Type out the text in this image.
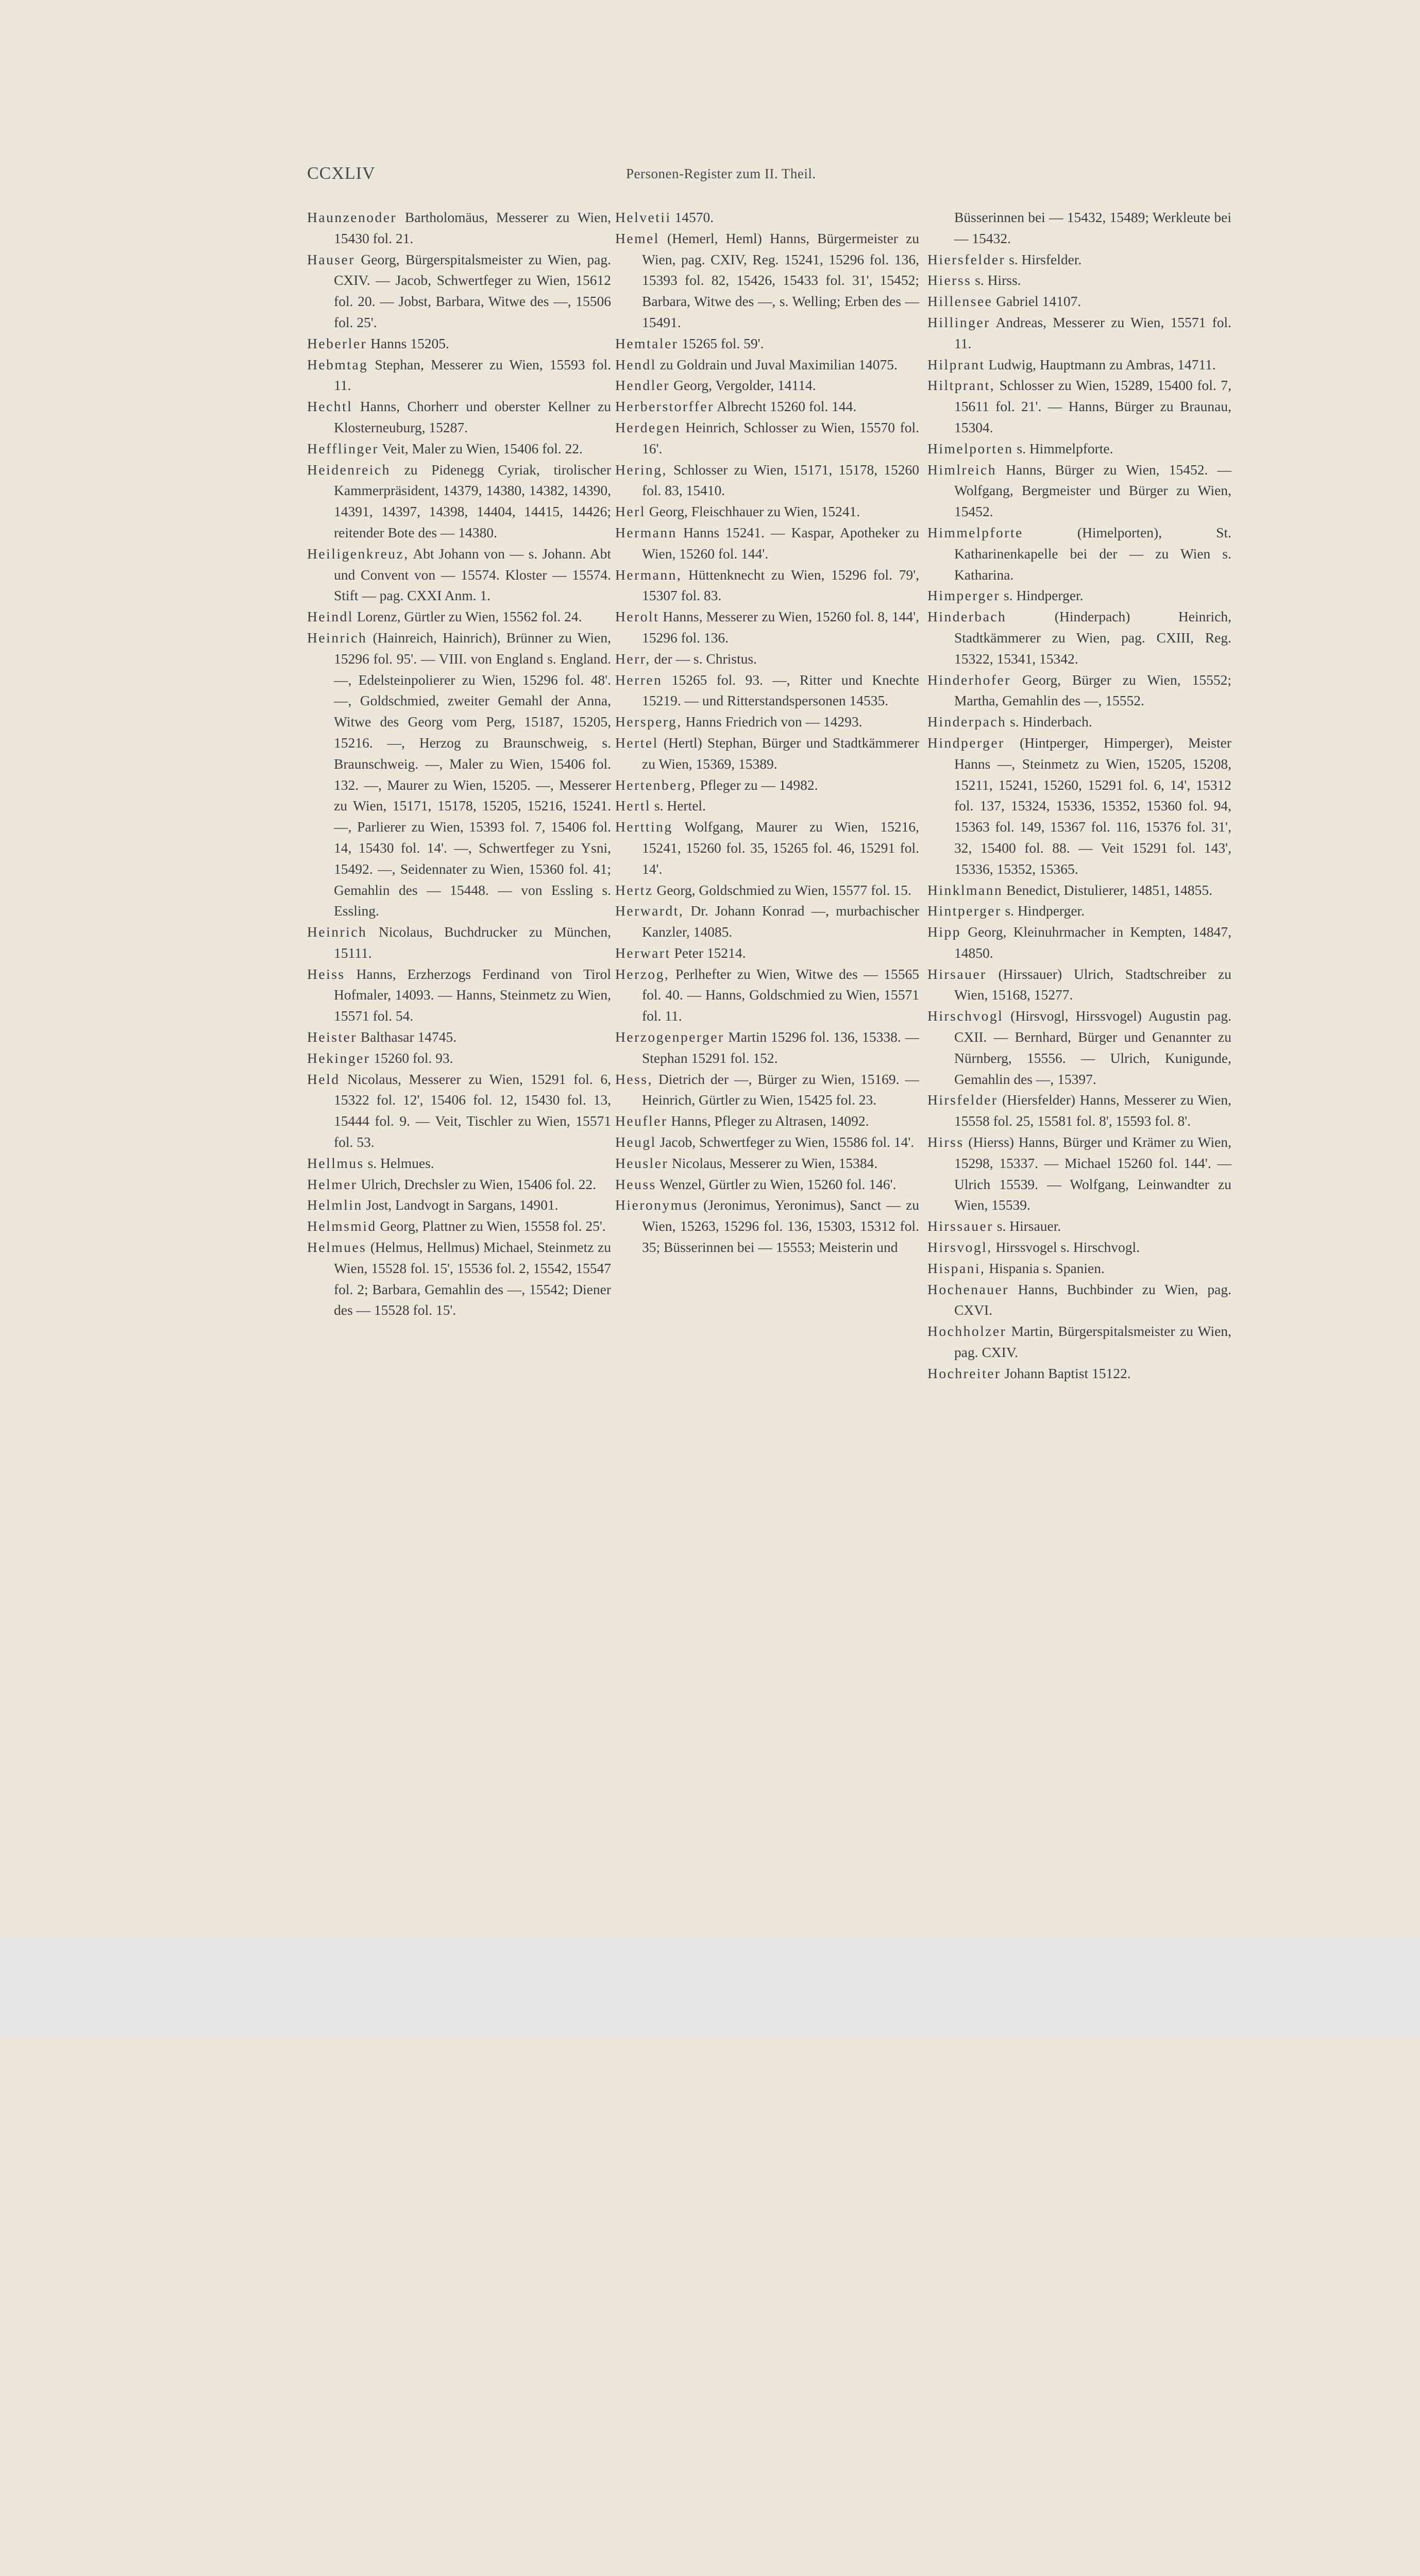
CCXLIV	Personen-Register zum II. Theil.

Haunzenoder Bartholomäus, Messerer zu Wien, 15430 fol. 21.

Hauser Georg, Bürgerspitalsmeister zu Wien, pag. CXIV. — Jacob, Schwertfeger zu Wien, 15612 fol. 20. — Jobst, Barbara, Witwe des —, 15506 fol. 25'.

Heberler Hanns 15205.

Hebmtag Stephan, Messerer zu Wien, 15593 fol. 11.

Hechtl Hanns, Chorherr und oberster Kellner zu Klosterneuburg, 15287.

Hefflinger Veit, Maler zu Wien, 15406 fol. 22.

Heidenreich zu Pidenegg Cyriak, tirolischer Kammerpräsident, 14379, 14380, 14382, 14390, 14391, 14397, 14398, 14404, 14415, 14426; reitender Bote des — 14380.

Heiligenkreuz, Abt Johann von — s. Johann. Abt und Convent von — 15574. Kloster — 15574. Stift — pag. CXXI Anm. 1.

Heindl Lorenz, Gürtler zu Wien, 15562 fol. 24.

Heinrich (Hainreich, Hainrich), Brünner zu Wien, 15296 fol. 95'. — VIII. von England s. England. —, Edelsteinpolierer zu Wien, 15296 fol. 48'. —, Goldschmied, zweiter Gemahl der Anna, Witwe des Georg vom Perg, 15187, 15205, 15216. —, Herzog zu Braunschweig, s. Braunschweig. —, Maler zu Wien, 15406 fol. 132. —, Maurer zu Wien, 15205. —, Messerer zu Wien, 15171, 15178, 15205, 15216, 15241. —, Parlierer zu Wien, 15393 fol. 7, 15406 fol. 14, 15430 fol. 14'. —, Schwertfeger zu Ysni, 15492. —, Seidennater zu Wien, 15360 fol. 41; Gemahlin des — 15448. — von Essling s. Essling.

Heinrich Nicolaus, Buchdrucker zu München, 15111.

Heiss Hanns, Erzherzogs Ferdinand von Tirol Hofmaler, 14093. — Hanns, Steinmetz zu Wien, 15571 fol. 54.

Heister Balthasar 14745.

Hekinger 15260 fol. 93.

Held Nicolaus, Messerer zu Wien, 15291 fol. 6, 15322 fol. 12', 15406 fol. 12, 15430 fol. 13, 15444 fol. 9. — Veit, Tischler zu Wien, 15571 fol. 53.

Hellmus s. Helmues.

Helmer Ulrich, Drechsler zu Wien, 15406 fol. 22.

Helmlin Jost, Landvogt in Sargans, 14901.

Helmsmid Georg, Plattner zu Wien, 15558 fol. 25'.

Helmues (Helmus, Hellmus) Michael, Steinmetz zu Wien, 15528 fol. 15', 15536 fol. 2, 15542, 15547 fol. 2; Barbara, Gemahlin des —, 15542; Diener des — 15528 fol. 15'.

Helvetii 14570.

Hemel (Hemerl, Heml) Hanns, Bürgermeister zu Wien, pag. CXIV, Reg. 15241, 15296 fol. 136, 15393 fol. 82, 15426, 15433 fol. 31', 15452; Barbara, Witwe des —, s. Welling; Erben des — 15491.

Hemtaler 15265 fol. 59'.

Hendl zu Goldrain und Juval Maximilian 14075.

Hendler Georg, Vergolder, 14114.

Herberstorffer Albrecht 15260 fol. 144.

Herdegen Heinrich, Schlosser zu Wien, 15570 fol. 16'.

Hering, Schlosser zu Wien, 15171, 15178, 15260 fol. 83, 15410.

Herl Georg, Fleischhauer zu Wien, 15241.

Hermann Hanns 15241. — Kaspar, Apotheker zu Wien, 15260 fol. 144'.

Hermann, Hüttenknecht zu Wien, 15296 fol. 79', 15307 fol. 83.

Herolt Hanns, Messerer zu Wien, 15260 fol. 8, 144', 15296 fol. 136.

Herr, der — s. Christus.

Herren 15265 fol. 93. —, Ritter und Knechte 15219. — und Ritterstandspersonen 14535.

Hersperg, Hanns Friedrich von — 14293.

Hertel (Hertl) Stephan, Bürger und Stadtkämmerer zu Wien, 15369, 15389.

Hertenberg, Pfleger zu — 14982.

Hertl s. Hertel.

Hertting Wolfgang, Maurer zu Wien, 15216, 15241, 15260 fol. 35, 15265 fol. 46, 15291 fol. 14'.

Hertz Georg, Goldschmied zu Wien, 15577 fol. 15.

Herwardt, Dr. Johann Konrad —, murbachischer Kanzler, 14085.

Herwart Peter 15214.

Herzog, Perlhefter zu Wien, Witwe des — 15565 fol. 40. — Hanns, Goldschmied zu Wien, 15571 fol. 11.

Herzogenperger Martin 15296 fol. 136, 15338. — Stephan 15291 fol. 152.

Hess, Dietrich der —, Bürger zu Wien, 15169. — Heinrich, Gürtler zu Wien, 15425 fol. 23.

Heufler Hanns, Pfleger zu Altrasen, 14092.

Heugl Jacob, Schwertfeger zu Wien, 15586 fol. 14'.

Heusler Nicolaus, Messerer zu Wien, 15384.

Heuss Wenzel, Gürtler zu Wien, 15260 fol. 146'.

Hieronymus (Jeronimus, Yeronimus), Sanct — zu Wien, 15263, 15296 fol. 136, 15303, 15312 fol. 35; Büsserinnen bei — 15553; Meisterin und

Büsserinnen bei — 15432, 15489; Werkleute bei — 15432.

Hiersfelder s. Hirsfelder.

Hierss s. Hirss.

Hillensee Gabriel 14107.

Hillinger Andreas, Messerer zu Wien, 15571 fol. 11.

Hilprant Ludwig, Hauptmann zu Ambras, 14711.

Hiltprant, Schlosser zu Wien, 15289, 15400 fol. 7, 15611 fol. 21'. — Hanns, Bürger zu Braunau, 15304.

Himelporten s. Himmelpforte.

Himlreich Hanns, Bürger zu Wien, 15452. — Wolfgang, Bergmeister und Bürger zu Wien, 15452.

Himmelpforte	(Himelporten), St. Katharinenkapelle bei der — zu Wien s. Katharina.

Himperger s. Hindperger.

Hinderbach	(Hinderpach) Heinrich, Stadtkämmerer zu Wien, pag. CXIII, Reg. 15322, 15341, 15342.

Hinderhofer Georg, Bürger zu Wien, 15552; Martha, Gemahlin des —, 15552.

Hinderpach s. Hinderbach.

Hindperger (Hintperger, Himperger), Meister Hanns —, Steinmetz zu Wien, 15205, 15208, 15211, 15241, 15260, 15291 fol. 6, 14', 15312 fol. 137, 15324, 15336, 15352, 15360 fol. 94, 15363 fol. 149, 15367 fol. 116, 15376 fol. 31', 32, 15400 fol. 88. — Veit 15291 fol. 143', 15336, 15352, 15365.

Hinklmann Benedict, Distulierer, 14851, 14855.

Hintperger s. Hindperger.

Hipp Georg, Kleinuhrmacher in Kempten, 14847, 14850.

Hirsauer (Hirssauer) Ulrich, Stadtschreiber zu Wien, 15168, 15277.

Hirschvogl (Hirsvogl, Hirssvogel) Augustin pag. CXII. — Bernhard, Bürger und Genannter zu Nürnberg, 15556. — Ulrich, Kunigunde, Gemahlin des —, 15397.

Hirsfelder (Hiersfelder) Hanns, Messerer zu Wien, 15558 fol. 25, 15581 fol. 8', 15593 fol. 8'.

Hirss (Hierss) Hanns, Bürger und Krämer zu Wien, 15298, 15337. — Michael 15260 fol. 144'. — Ulrich 15539. — Wolfgang, Leinwandter zu Wien, 15539.

Hirssauer s. Hirsauer.

Hirsvogl, Hirssvogel s. Hirschvogl.

Hispani, Hispania s. Spanien.

Hochenauer Hanns, Buchbinder zu Wien, pag. CXVI.

Hochholzer Martin, Bürgerspitalsmeister zu Wien, pag. CXIV.

Hochreiter Johann Baptist 15122.
